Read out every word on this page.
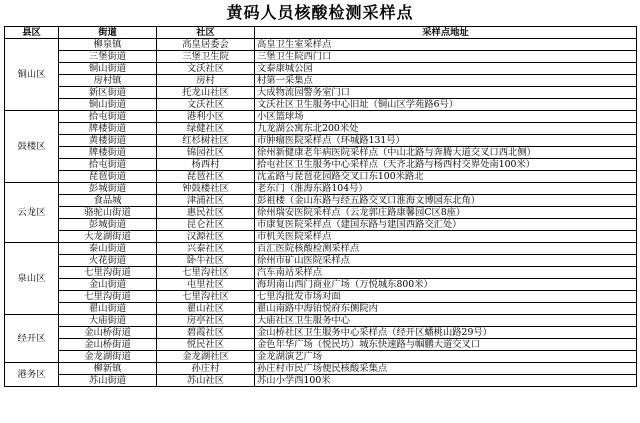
黄码人员核酸检测采样点
县区	街道	社区	采样点地址
铜山区	柳泉镇	高皇居委会	高皇卫生室采样点
	三堡街道	三堡卫生院	三堡卫生院西门口
	铜山街道	文沃社区	文泰康城公园
	房村镇	房村	村第一采集点
	新区街道	托龙山社区	大成物流园警务室门口
	铜山街道	文沃社区	文沃社区卫生服务中心旧址（铜山区学苑路6号）
鼓楼区	拾屯街道	港利小区	小区篮球场
	牌楼街道	绿健社区	九龙湖公寓东北200米处
	黄楼街道	红杉树社区	市肿瘤医院采样点（环城路131号）
	牌楼街道	锦园社区	徐州新健康老年病医院采样点（中山北路与奔腾大道交叉口西北侧）
	拾屯街道	杨西村	拾屯社区卫生服务中心采样点（天齐北路与杨西村交界处南100米）
	琵琶街道	琵琶社区	沈孟路与琵琶花园路交叉口东100米路北
云龙区	彭城街道	钟鼓楼社区	老东门（淮海东路104号）
	食品城	津浦社区	彭祖楼（金山东路与经五路交叉口淮海文博园东北角）
	骆驼山街道	惠民社区	徐州瑞安医院采样点（云龙郭庄路康馨园C区8座）
	彭城街道	昆仑社区	市康复医院采样点（建国东路与建国西路交汇处）
	大龙湖街道	汉源社区	市机关医院采样点
泉山区	泰山街道	兴泰社区	百汇医院核酸检测采样点
	火花街道	卧牛社区	徐州市矿山医院采样点
	七里沟街道	七里沟社区	汽车南站采样点
	金山街道	屯里社区	海玥南山西门商业广场（万悦城东800米）
	七里沟街道	七里沟社区	七里沟批发市场对面
	翟山街道	翟山社区	翟山南路中海铂悦府东侧院内
经开区	大庙街道	房亭社区	大庙社区卫生服务中心
	金山桥街道	碧霞社区	金山桥社区卫生服务中心采样点（经开区蟠桃山路29号）
	金山桥街道	悦民社区	金色年华广场（悦民坊）城东快速路与帼鹏大道交叉口
	金龙湖街道	金龙湖社区	金龙湖演艺广场
港务区	柳新镇	孙庄村	孙庄村市民广场便民核酸采集点
	苏山街道	苏山社区	苏山小学西100米
